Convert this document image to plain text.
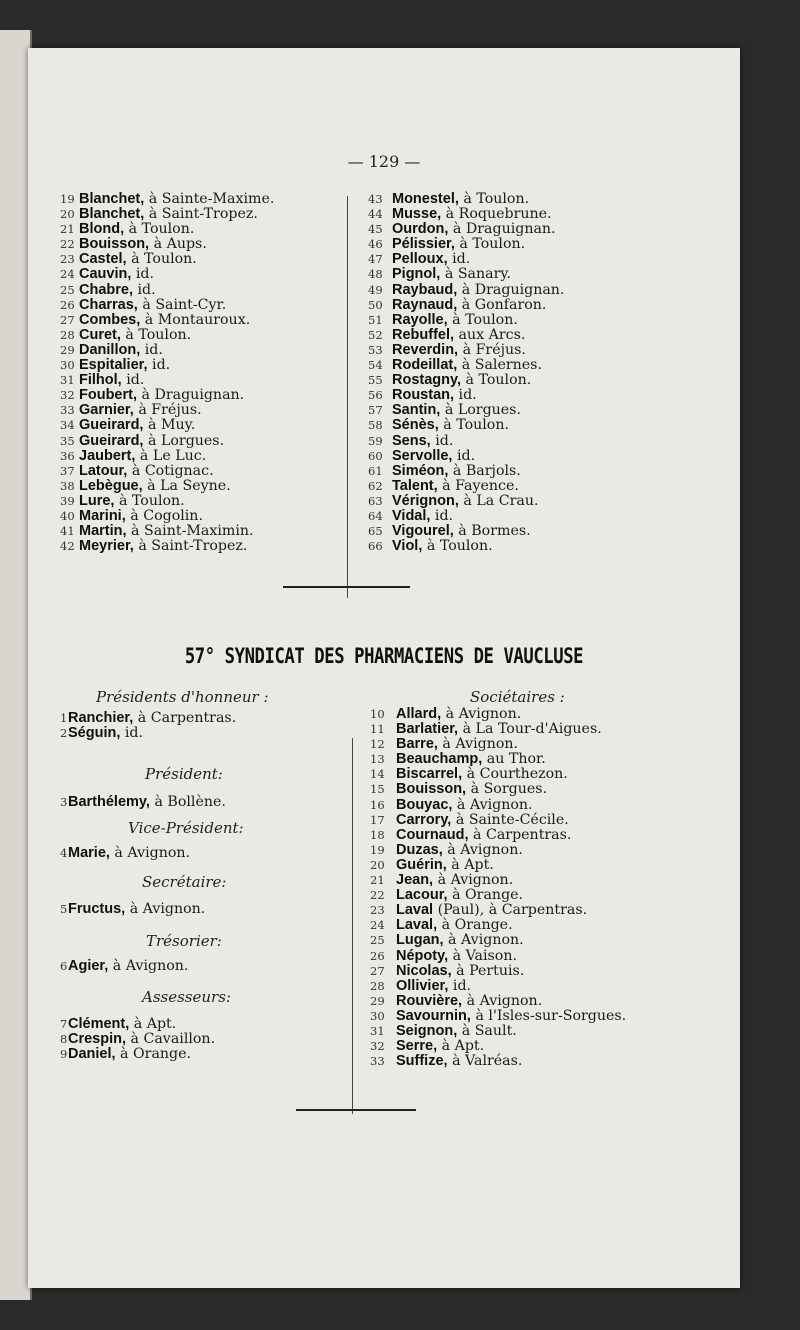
— 129 —
19 Blanchet, à Sainte-Maxime.
20 Blanchet, à Saint-Tropez.
21 Blond, à Toulon.
22 Bouisson, à Aups.
23 Castel, à Toulon.
24 Cauvin, id.
25 Chabre, id.
26 Charras, à Saint-Cyr.
27 Combes, à Montauroux.
28 Curet, à Toulon.
29 Danillon, id.
30 Espitalier, id.
31 Filhol, id.
32 Foubert, à Draguignan.
33 Garnier, à Fréjus.
34 Gueirard, à Muy.
35 Gueirard, à Lorgues.
36 Jaubert, à Le Luc.
37 Latour, à Cotignac.
38 Lebègue, à La Seyne.
39 Lure, à Toulon.
40 Marini, à Cogolin.
41 Martin, à Saint-Maximin.
42 Meyrier, à Saint-Tropez.
43 Monestel, à Toulon.
44 Musse, à Roquebrune.
45 Ourdon, à Draguignan.
46 Pélissier, à Toulon.
47 Pelloux, id.
48 Pignol, à Sanary.
49 Raybaud, à Draguignan.
50 Raynaud, à Gonfaron.
51 Rayolle, à Toulon.
52 Rebuffel, aux Arcs.
53 Reverdin, à Fréjus.
54 Rodeillat, à Salernes.
55 Rostagny, à Toulon.
56 Roustan, id.
57 Santin, à Lorgues.
58 Sénès, à Toulon.
59 Sens, id.
60 Servolle, id.
61 Siméon, à Barjols.
62 Talent, à Fayence.
63 Vérignon, à La Crau.
64 Vidal, id.
65 Vigourel, à Bormes.
66 Viol, à Toulon.
57° SYNDICAT DES PHARMACIENS DE VAUCLUSE
Présidents d'honneur :
1Ranchier, à Carpentras.
2Séguin, id.
Président:
3Barthélemy, à Bollène.
Vice-Président:
4Marie, à Avignon.
Secrétaire:
5Fructus, à Avignon.
Trésorier:
6Agier, à Avignon.
Assesseurs:
7Clément, à Apt.
8Crespin, à Cavaillon.
9Daniel, à Orange.
Sociétaires :
10 Allard, à Avignon.
11 Barlatier, à La Tour-d'Aigues.
12 Barre, à Avignon.
13 Beauchamp, au Thor.
14 Biscarrel, à Courthezon.
15 Bouisson, à Sorgues.
16 Bouyac, à Avignon.
17 Carrory, à Sainte-Cécile.
18 Cournaud, à Carpentras.
19 Duzas, à Avignon.
20 Guérin, à Apt.
21 Jean, à Avignon.
22 Lacour, à Orange.
23 Laval (Paul), à Carpentras.
24 Laval, à Orange.
25 Lugan, à Avignon.
26 Népoty, à Vaison.
27 Nicolas, à Pertuis.
28 Ollivier, id.
29 Rouvière, à Avignon.
30 Savournin, à l'Isles-sur-Sorgues.
31 Seignon, à Sault.
32 Serre, à Apt.
33 Suffize, à Valréas.
